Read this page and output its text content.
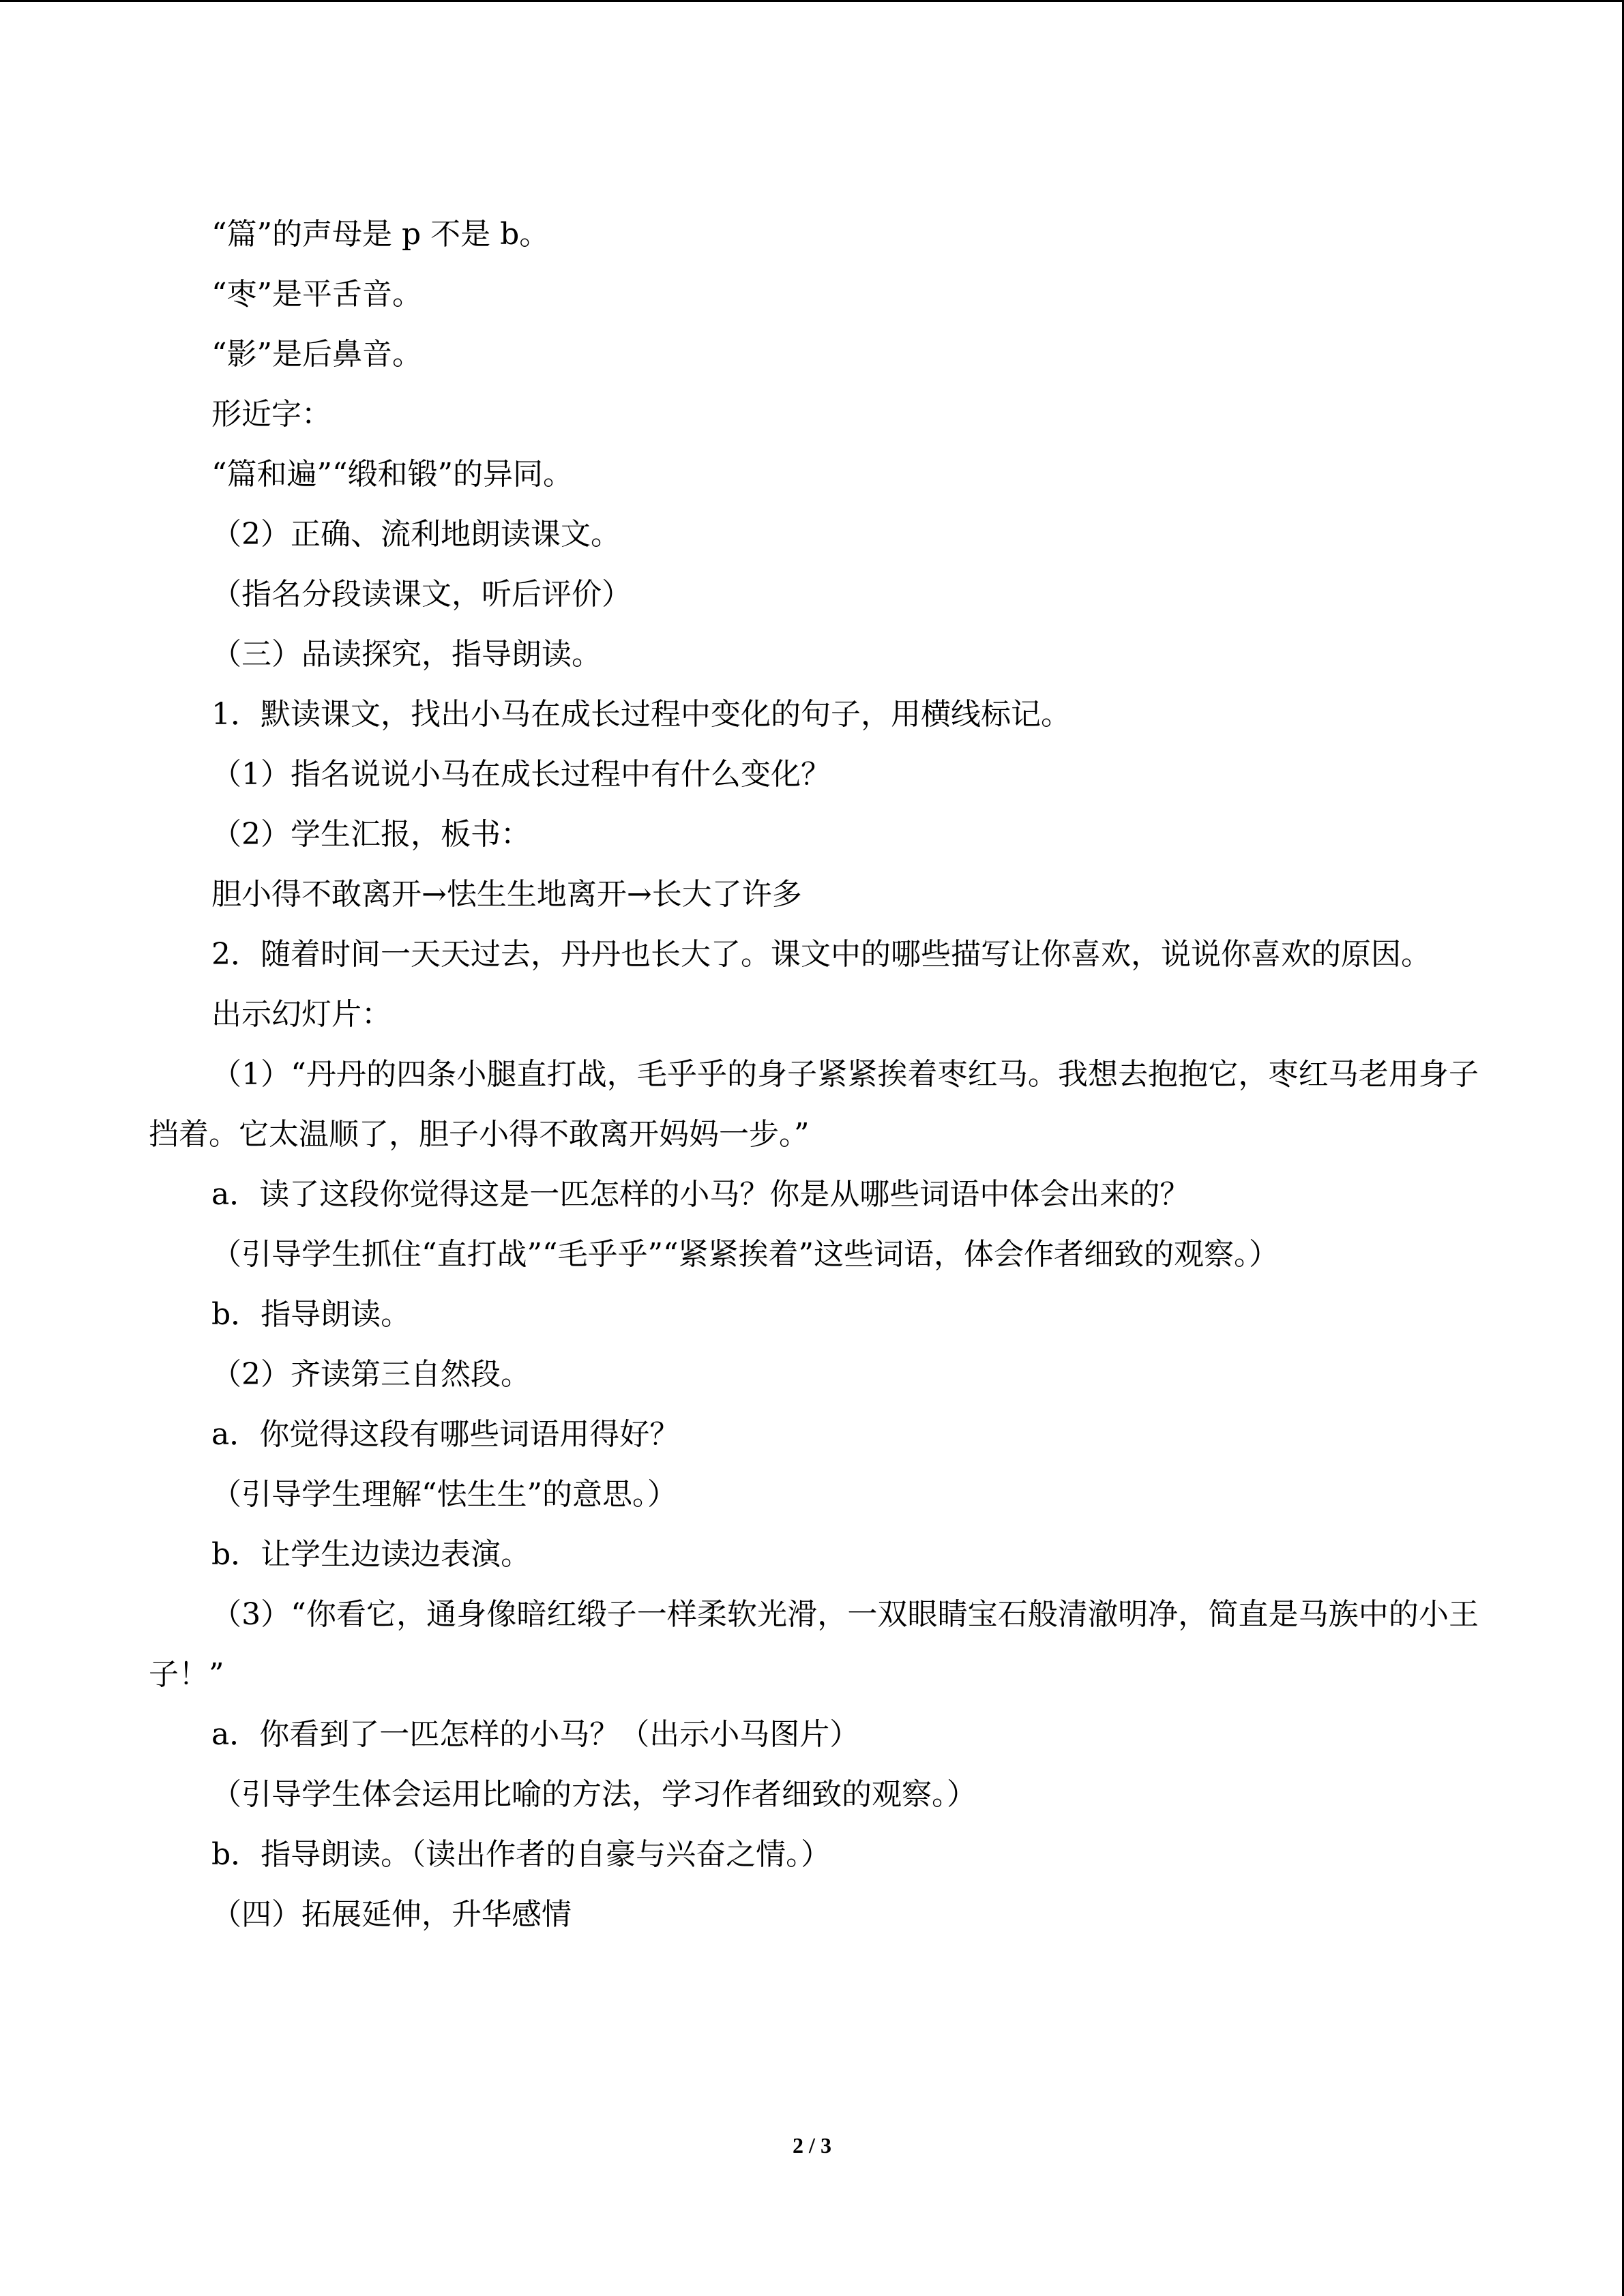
“篇”的声母是 p 不是 b。

“枣”是平舌音。

“影”是后鼻音。

形近字：

“篇和遍”“缎和锻”的异同。

（2）正确、流利地朗读课文。

（指名分段读课文，听后评价）

（三）品读探究，指导朗读。

1．默读课文，找出小马在成长过程中变化的句子，用横线标记。

（1）指名说说小马在成长过程中有什么变化？

（2）学生汇报，板书：

胆小得不敢离开→怯生生地离开→长大了许多

2．随着时间一天天过去，丹丹也长大了。课文中的哪些描写让你喜欢，说说你喜欢的原因。

出示幻灯片：

（1）“丹丹的四条小腿直打战，毛乎乎的身子紧紧挨着枣红马。我想去抱抱它，枣红马老用身子挡着。它太温顺了，胆子小得不敢离开妈妈一步。”

a．读了这段你觉得这是一匹怎样的小马？你是从哪些词语中体会出来的？

（引导学生抓住“直打战”“毛乎乎”“紧紧挨着”这些词语，体会作者细致的观察。）

b．指导朗读。

（2）齐读第三自然段。

a．你觉得这段有哪些词语用得好？

（引导学生理解“怯生生”的意思。）

b．让学生边读边表演。

（3）“你看它，通身像暗红缎子一样柔软光滑，一双眼睛宝石般清澈明净，简直是马族中的小王子！”

a．你看到了一匹怎样的小马？（出示小马图片）

（引导学生体会运用比喻的方法，学习作者细致的观察。）

b．指导朗读。（读出作者的自豪与兴奋之情。）

（四）拓展延伸，升华感情

2 / 3
